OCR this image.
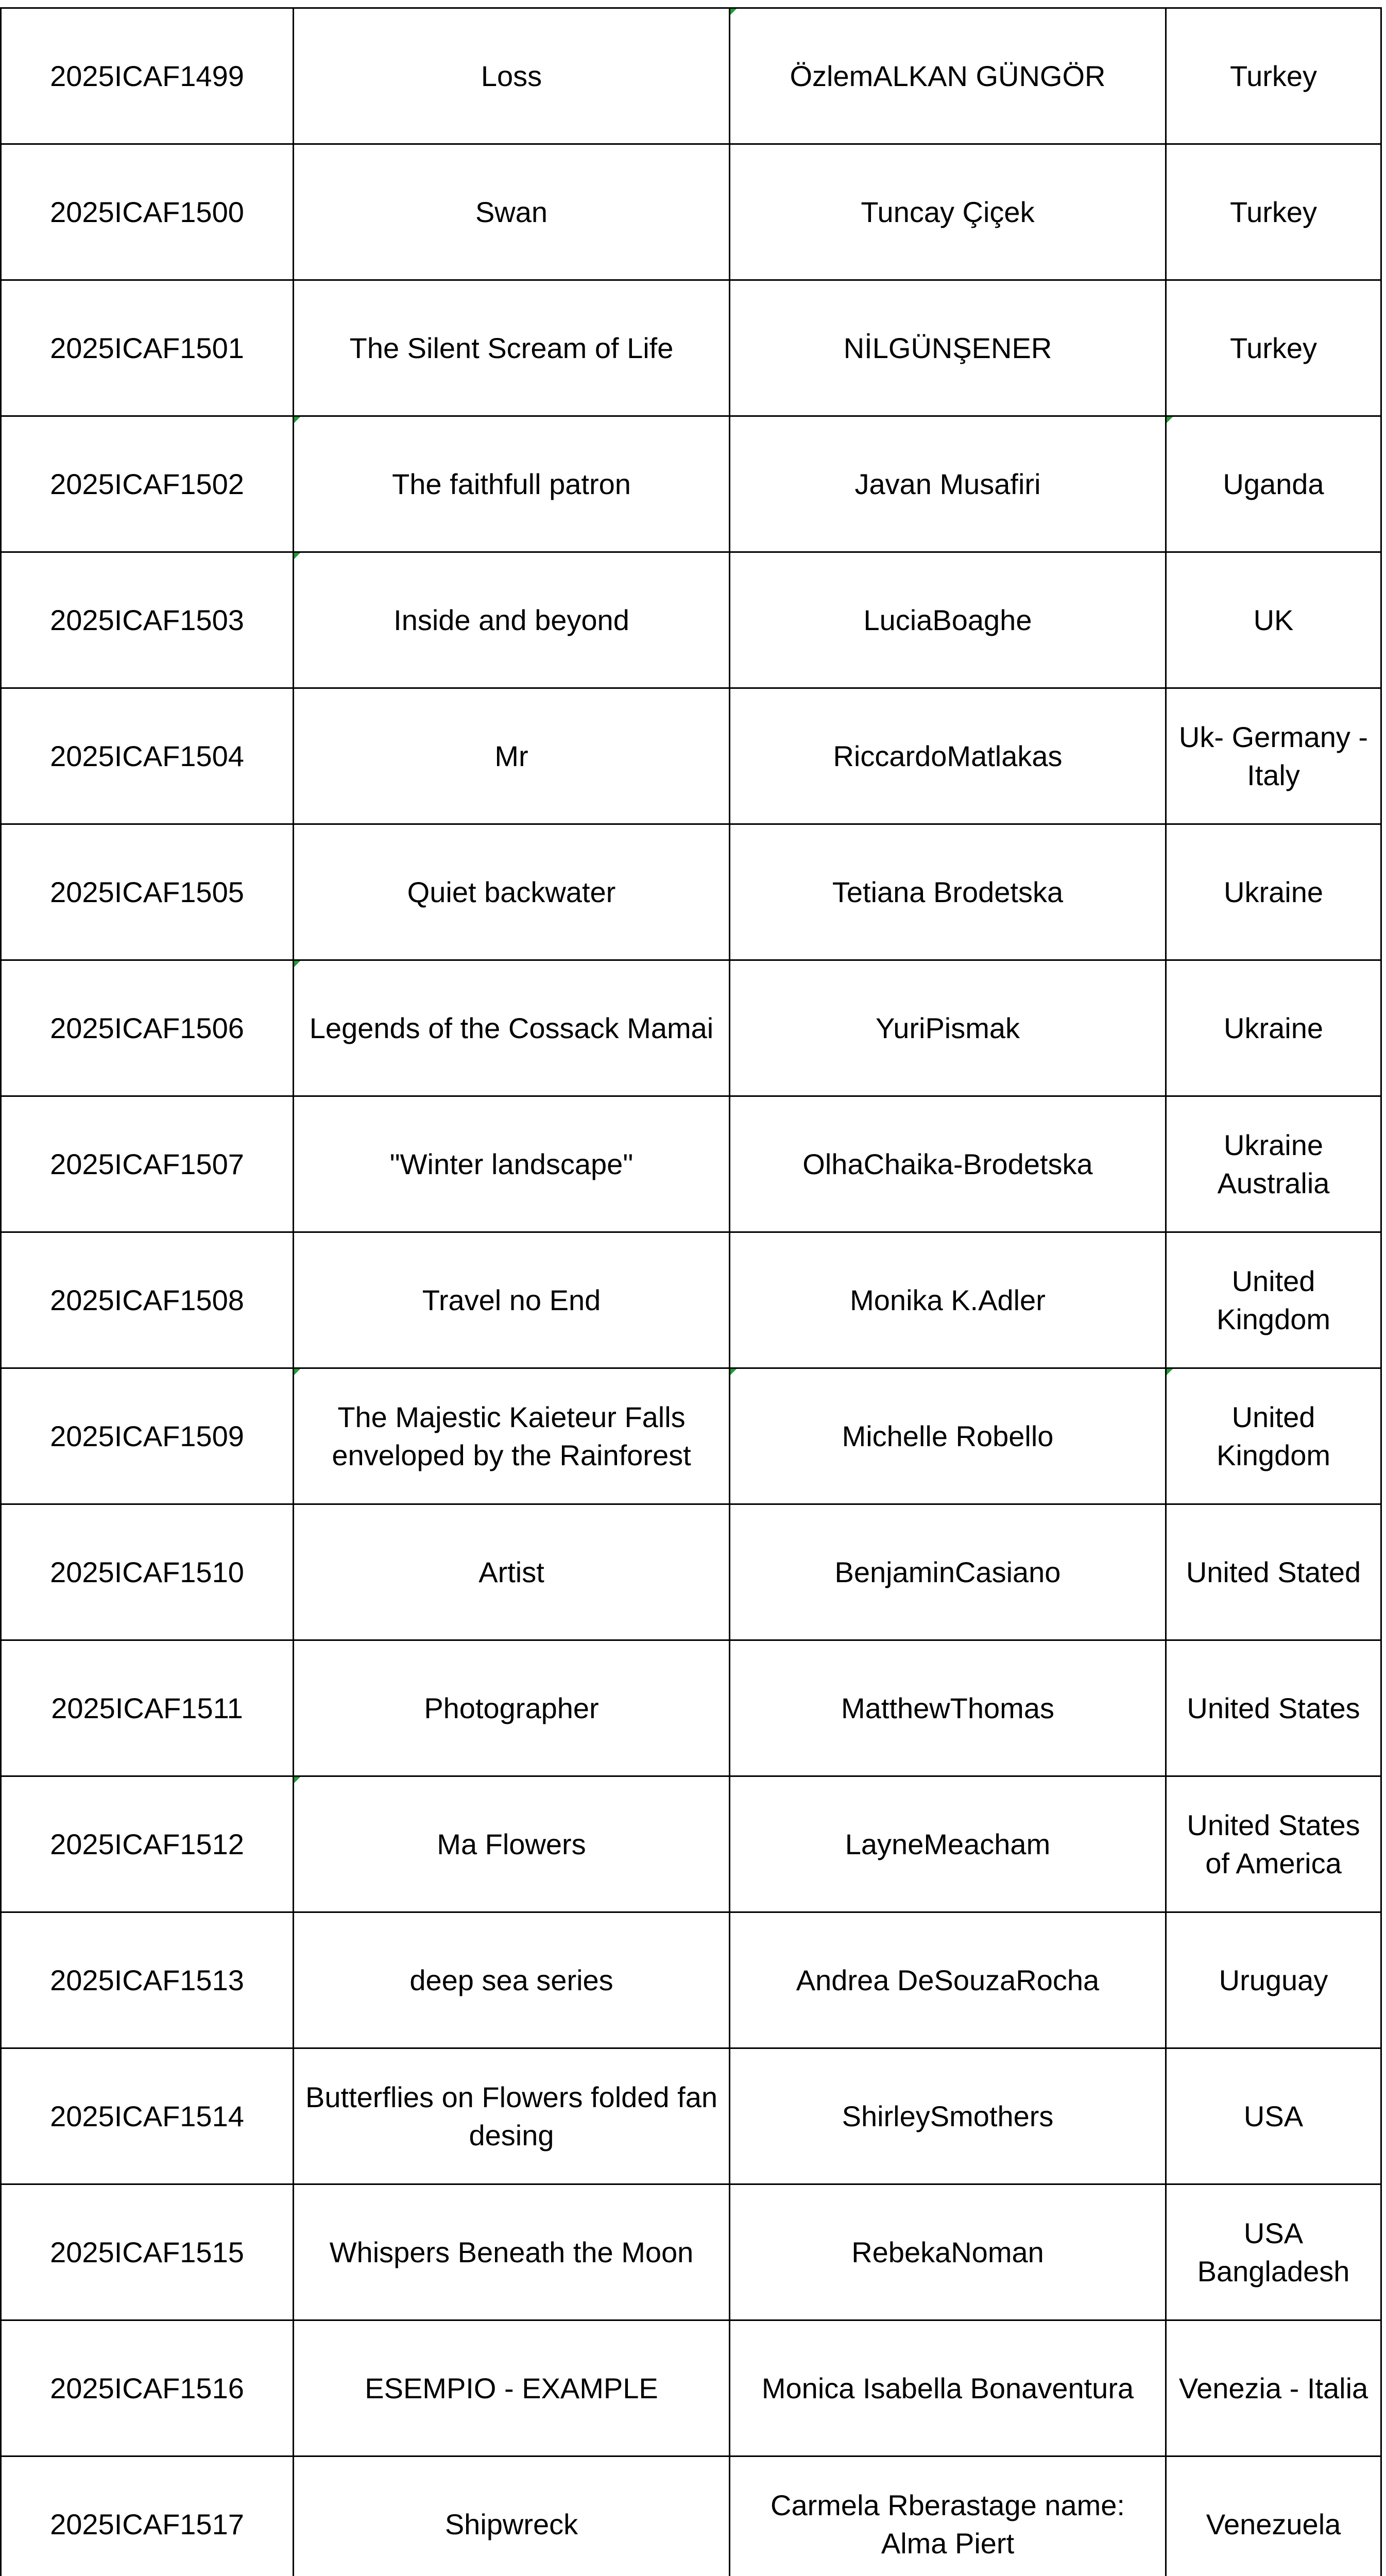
2025ICAF1499	Loss	ÖzlemALKAN GÜNGÖR	Turkey
2025ICAF1500	Swan	Tuncay Çiçek	Turkey
2025ICAF1501	The Silent Scream of Life	NİLGÜNŞENER	Turkey
2025ICAF1502	The faithfull patron	Javan Musafiri	Uganda
2025ICAF1503	Inside and beyond	LuciaBoaghe	UK
2025ICAF1504	Mr	RiccardoMatlakas	Uk- Germany - Italy
2025ICAF1505	Quiet backwater	Tetiana Brodetska	Ukraine
2025ICAF1506	Legends of the Cossack Mamai	YuriPismak	Ukraine
2025ICAF1507	"Winter landscape"	OlhaChaika-Brodetska	Ukraine Australia
2025ICAF1508	Travel no End	Monika K.Adler	United Kingdom
2025ICAF1509	The Majestic Kaieteur Falls enveloped by the Rainforest	Michelle Robello	United Kingdom
2025ICAF1510	Artist	BenjaminCasiano	United Stated
2025ICAF1511	Photographer	MatthewThomas	United States
2025ICAF1512	Ma Flowers	LayneMeacham	United States of America
2025ICAF1513	deep sea series	Andrea DeSouzaRocha	Uruguay
2025ICAF1514	Butterflies on Flowers folded fan desing	ShirleySmothers	USA
2025ICAF1515	Whispers Beneath the Moon	RebekaNoman	USA Bangladesh
2025ICAF1516	ESEMPIO - EXAMPLE	Monica Isabella Bonaventura	Venezia - Italia
2025ICAF1517	Shipwreck	Carmela Rberastage name: Alma Piert	Venezuela
